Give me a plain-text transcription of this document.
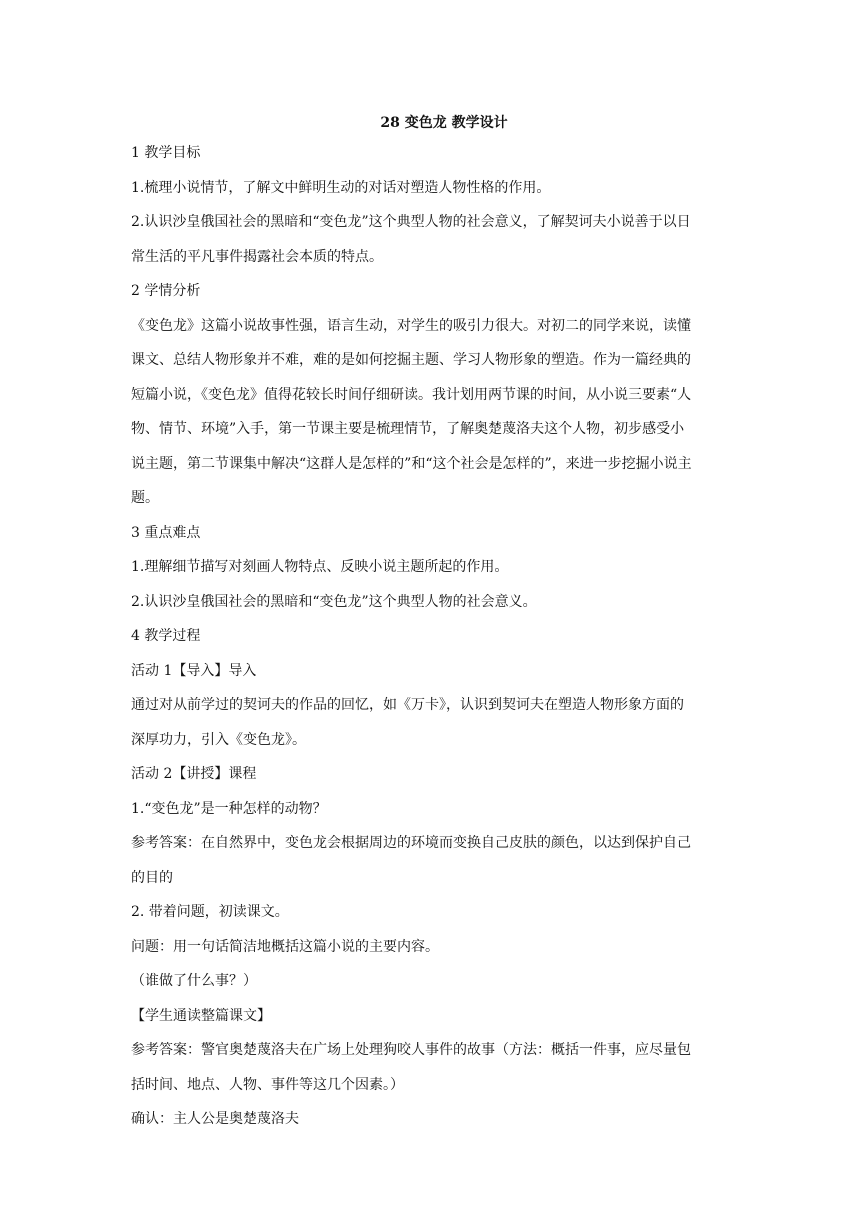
28 变色龙 教学设计
1 教学目标
1.梳理小说情节，了解文中鲜明生动的对话对塑造人物性格的作用。
2.认识沙皇俄国社会的黑暗和“变色龙”这个典型人物的社会意义，了解契诃夫小说善于以日
常生活的平凡事件揭露社会本质的特点。
2 学情分析
《变色龙》这篇小说故事性强，语言生动，对学生的吸引力很大。对初二的同学来说，读懂
课文、总结人物形象并不难，难的是如何挖掘主题、学习人物形象的塑造。作为一篇经典的
短篇小说，《变色龙》值得花较长时间仔细研读。我计划用两节课的时间，从小说三要素“人
物、情节、环境”入手，第一节课主要是梳理情节，了解奥楚蔑洛夫这个人物，初步感受小
说主题，第二节课集中解决“这群人是怎样的”和“这个社会是怎样的”，来进一步挖掘小说主
题。
3 重点难点
1.理解细节描写对刻画人物特点、反映小说主题所起的作用。
2.认识沙皇俄国社会的黑暗和“变色龙”这个典型人物的社会意义。
4 教学过程
活动 1【导入】导入
通过对从前学过的契诃夫的作品的回忆，如《万卡》，认识到契诃夫在塑造人物形象方面的
深厚功力，引入《变色龙》。
活动 2【讲授】课程
1.“变色龙”是一种怎样的动物？
参考答案：在自然界中，变色龙会根据周边的环境而变换自己皮肤的颜色，以达到保护自己
的目的
2. 带着问题，初读课文。
问题：用一句话简洁地概括这篇小说的主要内容。
（谁做了什么事？）
【学生通读整篇课文】
参考答案：警官奥楚蔑洛夫在广场上处理狗咬人事件的故事（方法：概括一件事，应尽量包
括时间、地点、人物、事件等这几个因素。）
确认：主人公是奥楚蔑洛夫
